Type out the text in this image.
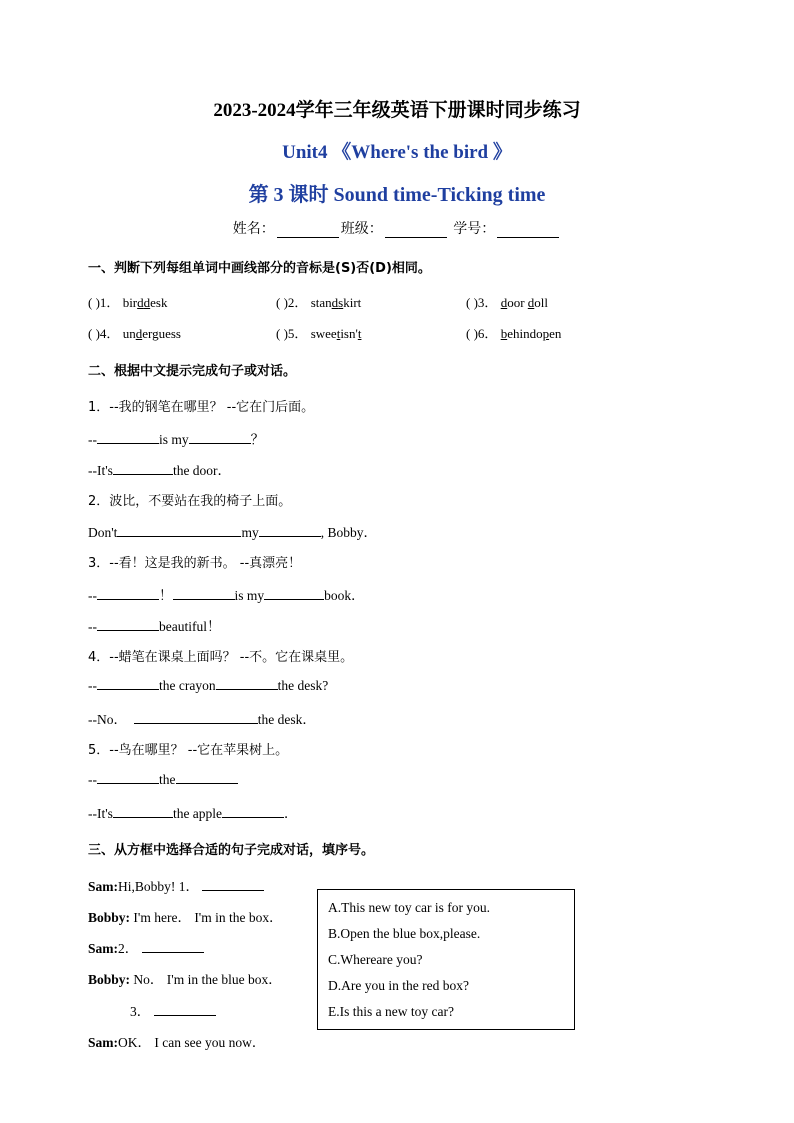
2023-2024学年三年级英语下册课时同步练习
Unit4 《Where's the bird 》
第 3 课时 Sound time-Ticking time
姓名：	班级：	学号：
一、判断下列每组单词中画线部分的音标是(S)否(D)相同。
( )1． birddesk	( )2． standskirt	( )3． door doll
( )4． underguess	( )5． sweetisn't	( )6． behindopen
二、根据中文提示完成句子或对话。
1．--我的钢笔在哪里？ --它在门后面。
--	is my	？
--It's	the door．
2．波比，不要站在我的椅子上面。
Don't	my	, Bobby．
3．--看！这是我的新书。 --真漂亮！
--	！	is my	book．
--	beautiful！
4．--蜡笔在课桌上面吗？ --不。它在课桌里。
--	the crayon	the desk?
--No．	the desk．
5．--鸟在哪里？ --它在苹果树上。
--	the
--It's	the apple	．
三、从方框中选择合适的句子完成对话，填序号。
Sam:Hi,Bobby! 1．
Bobby: I'm here． I'm in the box．
Sam:2．
Bobby: No． I'm in the blue box．
3．
Sam:OK． I can see you now．
A.This new toy car is for you.
B.Open the blue box,please.
C.Whereare you?
D.Are you in the red box?
E.Is this a new toy car?
